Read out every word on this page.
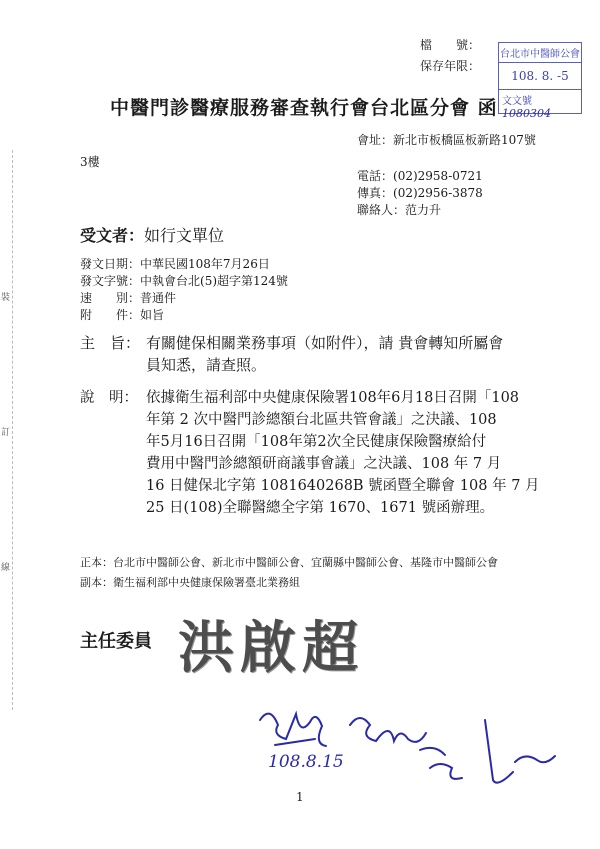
裝
訂
線
檔　　號：
保存年限：
台北市中醫師公會
108. 8. -5
文文號 1080304
中醫門診醫療服務審查執行會台北區分會 函
會址：新北市板橋區板新路107號
3樓
電話：(02)2958-0721
傳真：(02)2956-3878
聯絡人：范力升
受文者：如行文單位
發文日期：中華民國108年7月26日
發文字號：中執會台北(5)超字第124號
速　　別：普通件
附　　件：如旨
主　旨： 有關健保相關業務事項（如附件），請 貴會轉知所屬會
員知悉，請查照。
說　明： 依據衛生福利部中央健康保險署108年6月18日召開「108
年第 2 次中醫門診總額台北區共管會議」之決議、108
年5月16日召開「108年第2次全民健康保險醫療給付
費用中醫門診總額研商議事會議」之決議、108 年 7 月
16 日健保北字第 1081640268B 號函暨全聯會 108 年 7 月
25 日(108)全聯醫總全字第 1670、1671 號函辦理。
正本：台北市中醫師公會、新北市中醫師公會、宜蘭縣中醫師公會、基隆市中醫師公會
副本：衛生福利部中央健康保險署臺北業務組
主任委員 洪啟超
108.8.15
1
